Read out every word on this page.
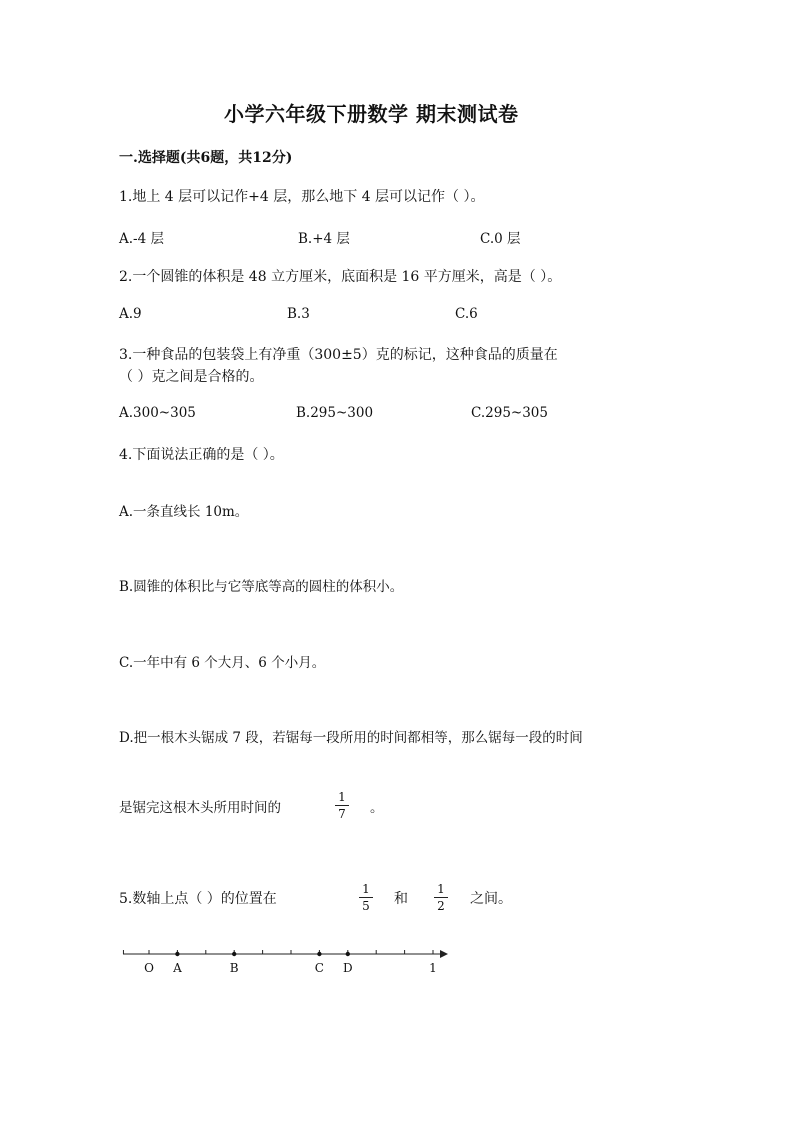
小学六年级下册数学 期末测试卷
一.选择题(共6题，共12分)
1.地上 4 层可以记作+4 层，那么地下 4 层可以记作（ ）。
A.-4 层	B.+4 层	C.0 层
2.一个圆锥的体积是 48 立方厘米，底面积是 16 平方厘米，高是（ ）。
A.9	B.3	C.6
3.一种食品的包装袋上有净重（300±5）克的标记，这种食品的质量在
（ ）克之间是合格的。
A.300~305	B.295~300	C.295~305
4.下面说法正确的是（ ）。
A.一条直线长 10m。
B.圆锥的体积比与它等底等高的圆柱的体积小。
C.一年中有 6 个大月、6 个小月。
D.把一根木头锯成 7 段，若锯每一段所用的时间都相等，那么锯每一段的时间
是锯完这根木头所用时间的
1
7	。
5.数轴上点（ ）的位置在
1
5	和
1
2	之间。
O A	B	C D	1
